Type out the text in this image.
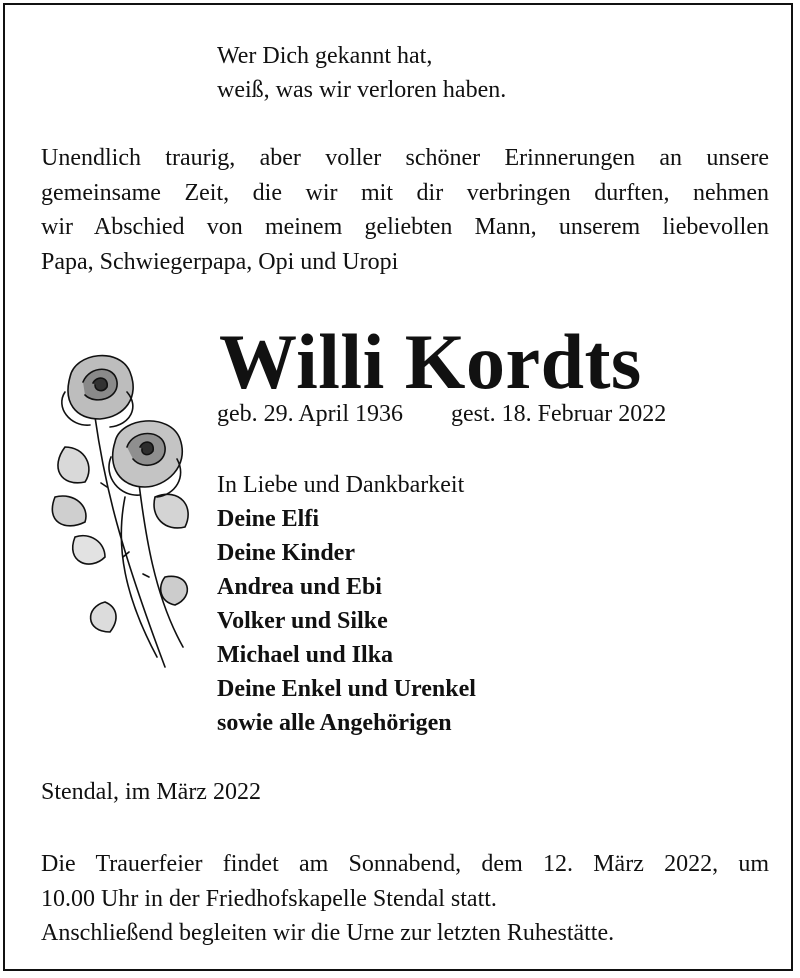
Wer Dich gekannt hat,
weiß, was wir verloren haben.
Unendlich traurig, aber voller schöner Erinnerungen an unsere
gemeinsame Zeit, die wir mit dir verbringen durften, nehmen
wir Abschied von meinem geliebten Mann, unserem liebevollen
Papa, Schwiegerpapa, Opi und Uropi
Willi Kordts
geb. 29. April 1936 gest. 18. Februar 2022
In Liebe und Dankbarkeit
Deine Elfi
Deine Kinder
Andrea und Ebi
Volker und Silke
Michael und Ilka
Deine Enkel und Urenkel
sowie alle Angehörigen
Stendal, im März 2022
Die Trauerfeier findet am Sonnabend, dem 12. März 2022, um
10.00 Uhr in der Friedhofskapelle Stendal statt.
Anschließend begleiten wir die Urne zur letzten Ruhestätte.
